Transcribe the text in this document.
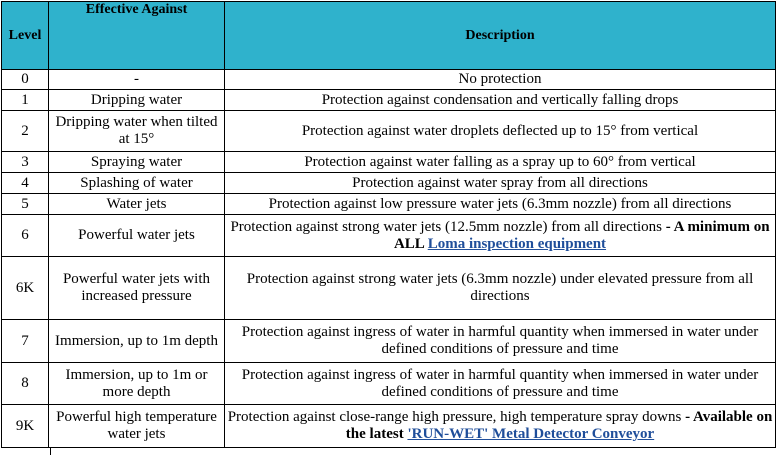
Level	Effective Against	Description
0	-	No protection
1	Dripping water	Protection against condensation and vertically falling drops
2	Dripping water when tilted at 15°	Protection against water droplets deflected up to 15° from vertical
3	Spraying water	Protection against water falling as a spray up to 60° from vertical
4	Splashing of water	Protection against water spray from all directions
5	Water jets	Protection against low pressure water jets (6.3mm nozzle) from all directions
6	Powerful water jets	Protection against strong water jets (12.5mm nozzle) from all directions - A minimum on ALL Loma inspection equipment
6K	Powerful water jets with increased pressure	Protection against strong water jets (6.3mm nozzle) under elevated pressure from all directions
7	Immersion, up to 1m depth	Protection against ingress of water in harmful quantity when immersed in water under defined conditions of pressure and time
8	Immersion, up to 1m or more depth	Protection against ingress of water in harmful quantity when immersed in water under defined conditions of pressure and time
9K	Powerful high temperature water jets	Protection against close-range high pressure, high temperature spray downs - Available on the latest 'RUN-WET' Metal Detector Conveyor
